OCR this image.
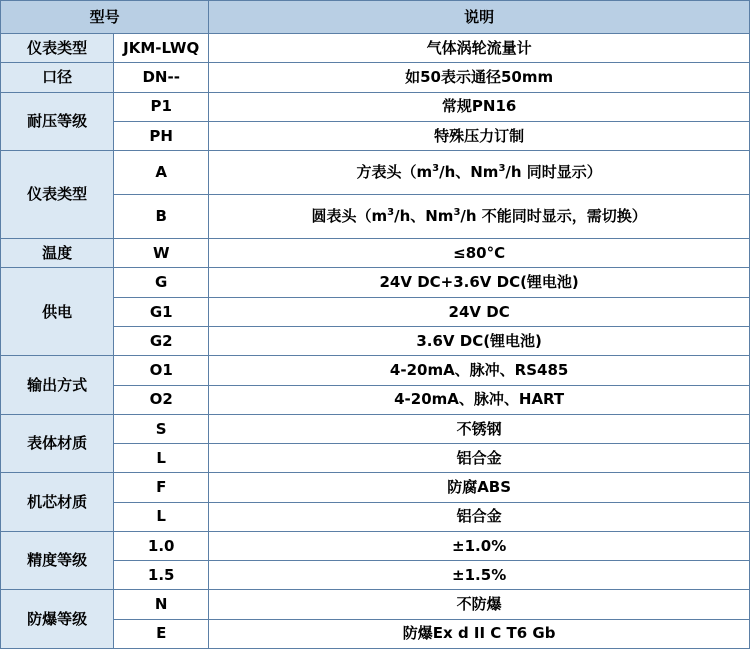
型号		说明
仪表类型	JKM-LWQ	气体涡轮流量计
口径	DN--	如50表示通径50mm
耐压等级	P1	常规PN16
	PH	特殊压力订制
仪表类型	A	方表头（$m^3/h$、Nm$^3$/h 同时显示）

	B	圆表头（$m^3/h$、Nm$^3$/h 不能同时显示，需切换）

温度	W	≤80°C
供电	G	24V DC+3.6V DC(锂电池)
	G1	24V DC
	G2	3.6V DC(锂电池)
输出方式	O1	4-20mA、脉冲、RS485
	O2	4-20mA、脉冲、HART
表体材质	S	不锈钢
	L	铝合金
机芯材质	F	防腐ABS
	L	铝合金
精度等级	1.0	±1.0%
	1.5	±1.5%
防爆等级	N	不防爆
	E	防爆Ex d II C T6 Gb
